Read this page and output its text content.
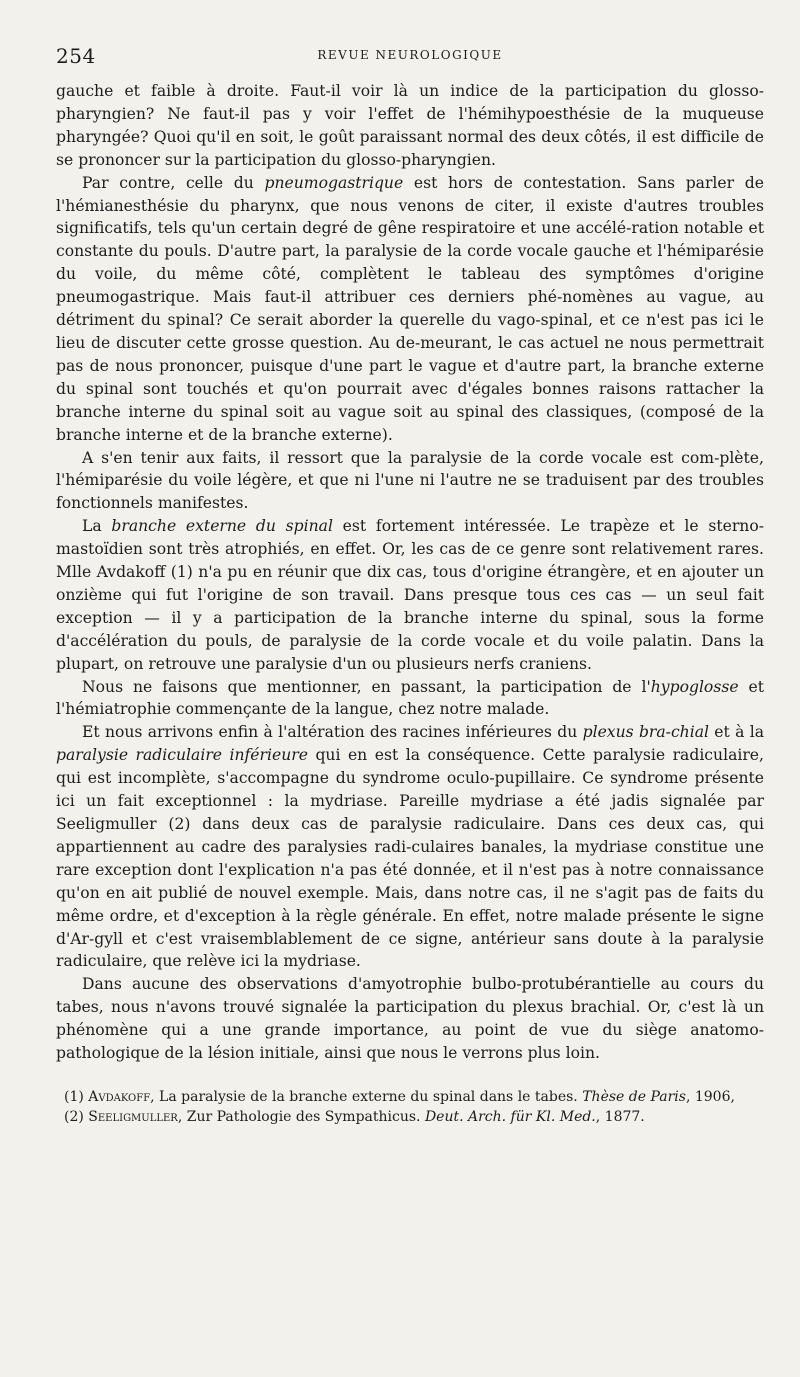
254	REVUE NEUROLOGIQUE

gauche et faible à droite. Faut-il voir là un indice de la participation du glosso-pharyngien? Ne faut-il pas y voir l'effet de l'hémihypoesthésie de la muqueuse pharyngée? Quoi qu'il en soit, le goût paraissant normal des deux côtés, il est difficile de se prononcer sur la participation du glosso-pharyngien.

Par contre, celle du pneumogastrique est hors de contestation. Sans parler de l'hémianesthésie du pharynx, que nous venons de citer, il existe d'autres troubles significatifs, tels qu'un certain degré de gêne respiratoire et une accélé-ration notable et constante du pouls. D'autre part, la paralysie de la corde vocale gauche et l'hémiparésie du voile, du même côté, complètent le tableau des symptômes d'origine pneumogastrique. Mais faut-il attribuer ces derniers phé-nomènes au vague, au détriment du spinal? Ce serait aborder la querelle du vago-spinal, et ce n'est pas ici le lieu de discuter cette grosse question. Au de-meurant, le cas actuel ne nous permettrait pas de nous prononcer, puisque d'une part le vague et d'autre part, la branche externe du spinal sont touchés et qu'on pourrait avec d'égales bonnes raisons rattacher la branche interne du spinal soit au vague soit au spinal des classiques, (composé de la branche interne et de la branche externe).

A s'en tenir aux faits, il ressort que la paralysie de la corde vocale est com-plète, l'hémiparésie du voile légère, et que ni l'une ni l'autre ne se traduisent par des troubles fonctionnels manifestes.

La branche externe du spinal est fortement intéressée. Le trapèze et le sterno-mastoïdien sont très atrophiés, en effet. Or, les cas de ce genre sont relativement rares. Mlle Avdakoff (1) n'a pu en réunir que dix cas, tous d'origine étrangère, et en ajouter un onzième qui fut l'origine de son travail. Dans presque tous ces cas — un seul fait exception — il y a participation de la branche interne du spinal, sous la forme d'accélération du pouls, de paralysie de la corde vocale et du voile palatin. Dans la plupart, on retrouve une paralysie d'un ou plusieurs nerfs craniens.

Nous ne faisons que mentionner, en passant, la participation de l'hypoglosse et l'hémiatrophie commençante de la langue, chez notre malade.

Et nous arrivons enfin à l'altération des racines inférieures du plexus bra-chial et à la paralysie radiculaire inférieure qui en est la conséquence. Cette paralysie radiculaire, qui est incomplète, s'accompagne du syndrome oculo-pupillaire. Ce syndrome présente ici un fait exceptionnel : la mydriase. Pareille mydriase a été jadis signalée par Seeligmuller (2) dans deux cas de paralysie radiculaire. Dans ces deux cas, qui appartiennent au cadre des paralysies radi-culaires banales, la mydriase constitue une rare exception dont l'explication n'a pas été donnée, et il n'est pas à notre connaissance qu'on en ait publié de nouvel exemple. Mais, dans notre cas, il ne s'agit pas de faits du même ordre, et d'exception à la règle générale. En effet, notre malade présente le signe d'Ar-gyll et c'est vraisemblablement de ce signe, antérieur sans doute à la paralysie radiculaire, que relève ici la mydriase.

Dans aucune des observations d'amyotrophie bulbo-protubérantielle au cours du tabes, nous n'avons trouvé signalée la participation du plexus brachial. Or, c'est là un phénomène qui a une grande importance, au point de vue du siège anatomo-pathologique de la lésion initiale, ainsi que nous le verrons plus loin.

(1) Avdakoff, La paralysie de la branche externe du spinal dans le tabes. Thèse de Paris, 1906,

(2) Seeligmuller, Zur Pathologie des Sympathicus. Deut. Arch. für Kl. Med., 1877.
